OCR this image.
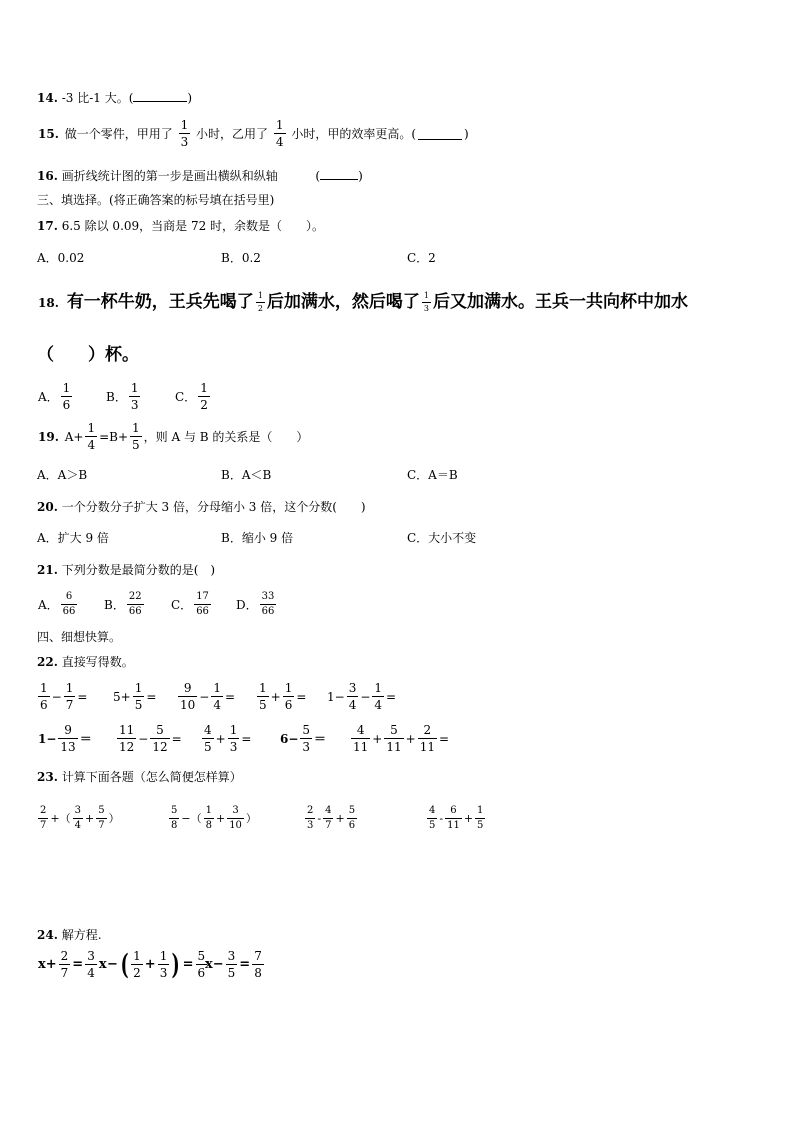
14. -3 比-1 大。(	)
15. 做一个零件，甲用了 $\frac{1}{3}$ 小时，乙用了 $\frac{1}{4}$ 小时，甲的效率更高。(	)
16. 画折线统计图的第一步是画出横纵和纵轴	(	)
三、填选择。(将正确答案的标号填在括号里)
17. 6.5 除以 0.09，当商是 72 时，余数是（　　）。
A．0.02	B．0.2	C．2
18. 有一杯牛奶，王兵先喝了 $\frac{1}{2}$ 后加满水，然后喝了 $\frac{1}{3}$ 后又加满水。王兵一共向杯中加水
（　　）杯。
A． $\frac{1}{6}$	B． $\frac{1}{3}$	C． $\frac{1}{2}$
19. $A+ \frac{1}{4} =B+ \frac{1}{5}$ ，则 A 与 B 的关系是（　　）
A．A＞B	B．A＜B	C．A＝B
20. 一个分数分子扩大 3 倍，分母缩小 3 倍，这个分数(　　)
A．扩大 9 倍	B．缩小 9 倍	C．大小不变
21. 下列分数是最简分数的是(　)
A． $\frac{6}{66}$ B． $\frac{22}{66}$ C． $\frac{17}{66}$ D． $\frac{33}{66}$
四、细想快算。
22. 直接写得数。
$\frac{1}{6} - \frac{1}{7} = 5+ \frac{1}{5} = \frac{9}{10} - \frac{1}{4} = \frac{1}{5} + \frac{1}{6} = 1- \frac{3}{4} - \frac{1}{4}$ =
$1- \frac{9}{13} = \frac{11}{12} - \frac{5}{12} = \frac{4}{5} + \frac{1}{3} = 6- \frac{5}{3} = \frac{4}{11} + \frac{5}{11} + \frac{2}{11}$ =
23. 计算下面各题（怎么简便怎样算）
$\frac{2}{7}$ +（ $\frac{3}{4} + \frac{5}{7}$ ）	$\frac{5}{8}$ −（ $\frac{1}{8} + \frac{3}{10}$ ）	$\frac{2}{3} - \frac{4}{7} + \frac{5}{6}$	$\frac{4}{5} - \frac{6}{11} + \frac{1}{5}$
24. 解方程.
$x+ \frac{2}{7} = \frac{3}{4}$ x −( $\frac{1}{2} + \frac{1}{3}$ ) = $\frac{5}{6}$
$x- \frac{3}{5} = \frac{7}{8}$
